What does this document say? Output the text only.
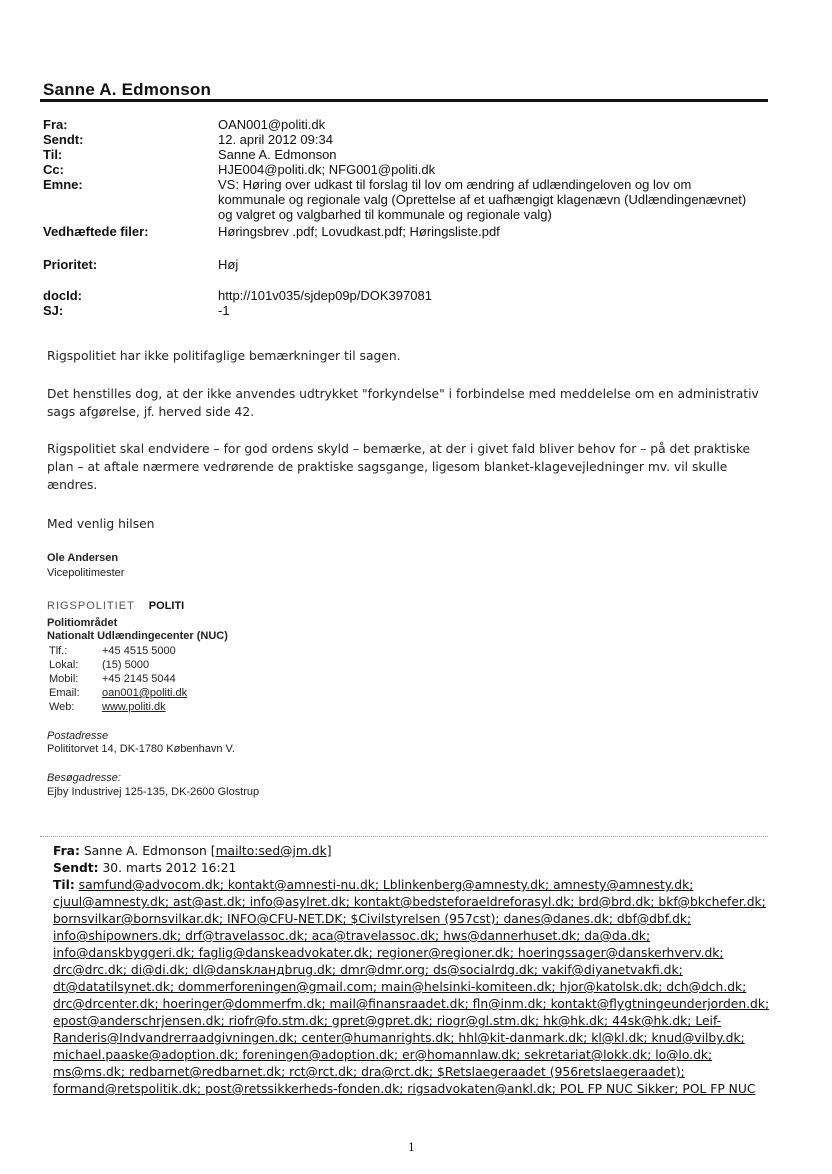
Sanne A. Edmonson
Fra:	OAN001@politi.dk
Sendt:	12. april 2012 09:34
Til:	Sanne A. Edmonson
Cc:	HJE004@politi.dk; NFG001@politi.dk
Emne:	VS: Høring over udkast til forslag til lov om ændring af udlændingeloven og lov om kommunale og regionale valg (Oprettelse af et uafhængigt klagenævn (Udlændingenævnet) og valgret og valgbarhed til kommunale og regionale valg)
Vedhæftede filer:	Høringsbrev .pdf; Lovudkast.pdf; Høringsliste.pdf
Prioritet:	Høj
docId:	http://101v035/sjdep09p/DOK397081
SJ:	-1
Rigspolitiet har ikke politifaglige bemærkninger til sagen.
Det henstilles dog, at der ikke anvendes udtrykket "forkyndelse" i forbindelse med meddelelse om en administrativ sags afgørelse, jf. herved side 42.
Rigspolitiet skal endvidere – for god ordens skyld – bemærke, at der i givet fald bliver behov for – på det praktiske plan – at aftale nærmere vedrørende de praktiske sagsgange, ligesom blanket-klagevejledninger mv. vil skulle ændres.
Med venlig hilsen
Ole Andersen
Vicepolitimester
RIGSPOLITIET POLITI
Politiområdet
Nationalt Udlændingecenter (NUC)
Tlf.:	+45 4515 5000
Lokal: (15) 5000
Mobil: +45 2145 5044
Email: oan001@politi.dk
Web:	www.politi.dk
Postadresse
Polititorvet 14, DK-1780 København V.
Besøgadresse:
Ejby Industrivej 125-135, DK-2600 Glostrup
Fra: Sanne A. Edmonson [mailto:sed@jm.dk]
Sendt: 30. marts 2012 16:21
Til: samfund@advocom.dk; kontakt@amnesti-nu.dk; Lblinkenberg@amnesty.dk; amnesty@amnesty.dk;
cjuul@amnesty.dk; ast@ast.dk; info@asylret.dk; kontakt@bedsteforaeldreforasyl.dk; brd@brd.dk; bkf@bkchefer.dk;
bornsvilkar@bornsvilkar.dk; INFO@CFU-NET.DK; $Civilstyrelsen (957cst); danes@danes.dk; dbf@dbf.dk;
info@shipowners.dk; drf@travelassoc.dk; aca@travelassoc.dk; hws@dannerhuset.dk; da@da.dk;
info@danskbyggeri.dk; faglig@danskeadvokater.dk; regioner@regioner.dk; hoeringssager@danskerhverv.dk;
drc@drc.dk; di@di.dk; dl@danskландbrug.dk; dmr@dmr.org; ds@socialrdg.dk; vakif@diyanetvakfi.dk;
dt@datatilsynet.dk; dommerforeningen@gmail.com; main@helsinki-komiteen.dk; hjor@katolsk.dk; dch@dch.dk;
drc@drcenter.dk; hoeringer@dommerfm.dk; mail@finansraadet.dk; fln@inm.dk; kontakt@flygtningeunderjorden.dk;
epost@anderschrjensen.dk; riofr@fo.stm.dk; gpret@gpret.dk; riogr@gl.stm.dk; hk@hk.dk; 44sk@hk.dk; Leif-
Randeris@Indvandrerraadgivningen.dk; center@humanrights.dk; hhl@kit-danmark.dk; kl@kl.dk; knud@vilby.dk;
michael.paaske@adoption.dk; foreningen@adoption.dk; er@homannlaw.dk; sekretariat@lokk.dk; lo@lo.dk;
ms@ms.dk; redbarnet@redbarnet.dk; rct@rct.dk; dra@rct.dk; $Retslaegeraadet (956retslaegeraadet);
formand@retspolitik.dk; post@retssikkerheds-fonden.dk; rigsadvokaten@ankl.dk; POL FP NUC Sikker; POL FP NUC
1
